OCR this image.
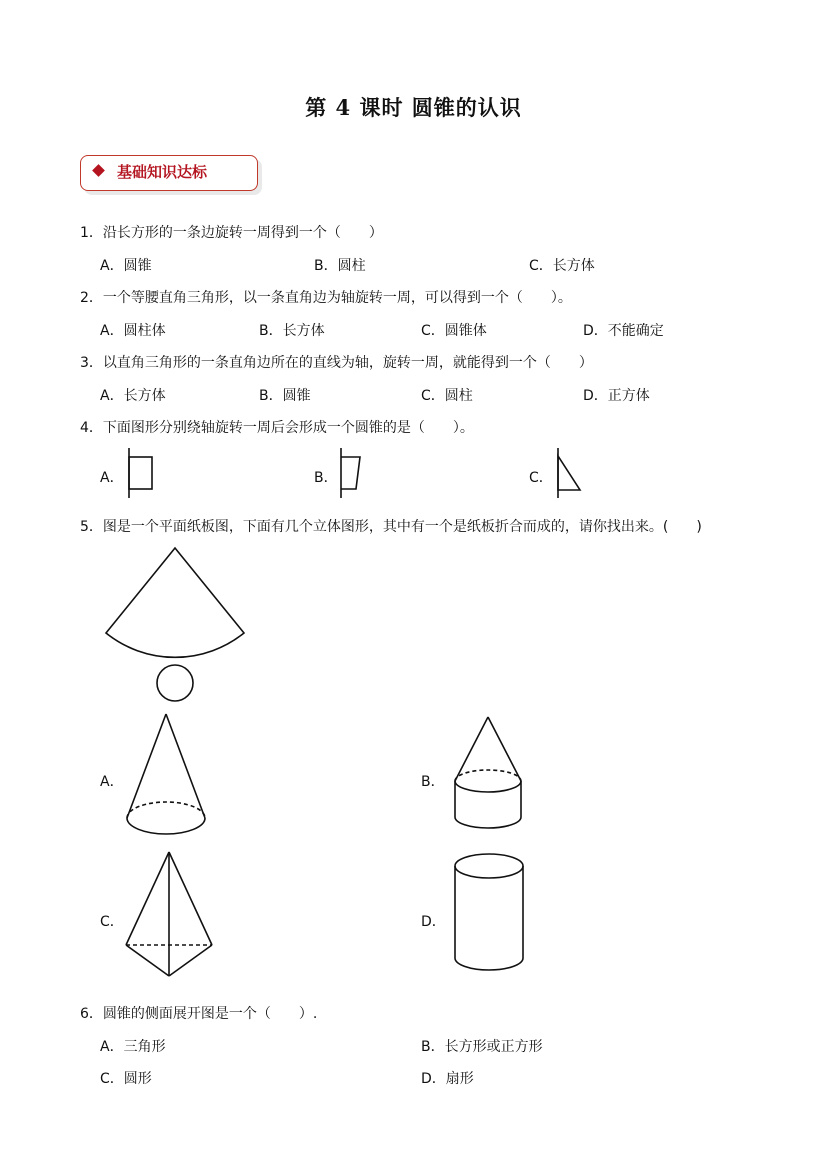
第 4 课时 圆锥的认识
基础知识达标
1．沿长方形的一条边旋转一周得到一个（　　）
A．圆锥	B．圆柱	C．长方体
2．一个等腰直角三角形，以一条直角边为轴旋转一周，可以得到一个（　　）。
A．圆柱体	B．长方体	C．圆锥体	D．不能确定
3．以直角三角形的一条直角边所在的直线为轴，旋转一周，就能得到一个（　　）
A．长方体	B．圆锥	C．圆柱	D．正方体
4．下面图形分别绕轴旋转一周后会形成一个圆锥的是（　　）。
A．	B．	C．
5．图是一个平面纸板图，下面有几个立体图形，其中有一个是纸板折合而成的，请你找出来。(　　)
A．	B．
C．	D．
6．圆锥的侧面展开图是一个（　　）.
A．三角形	B．长方形或正方形
C．圆形	D．扇形
